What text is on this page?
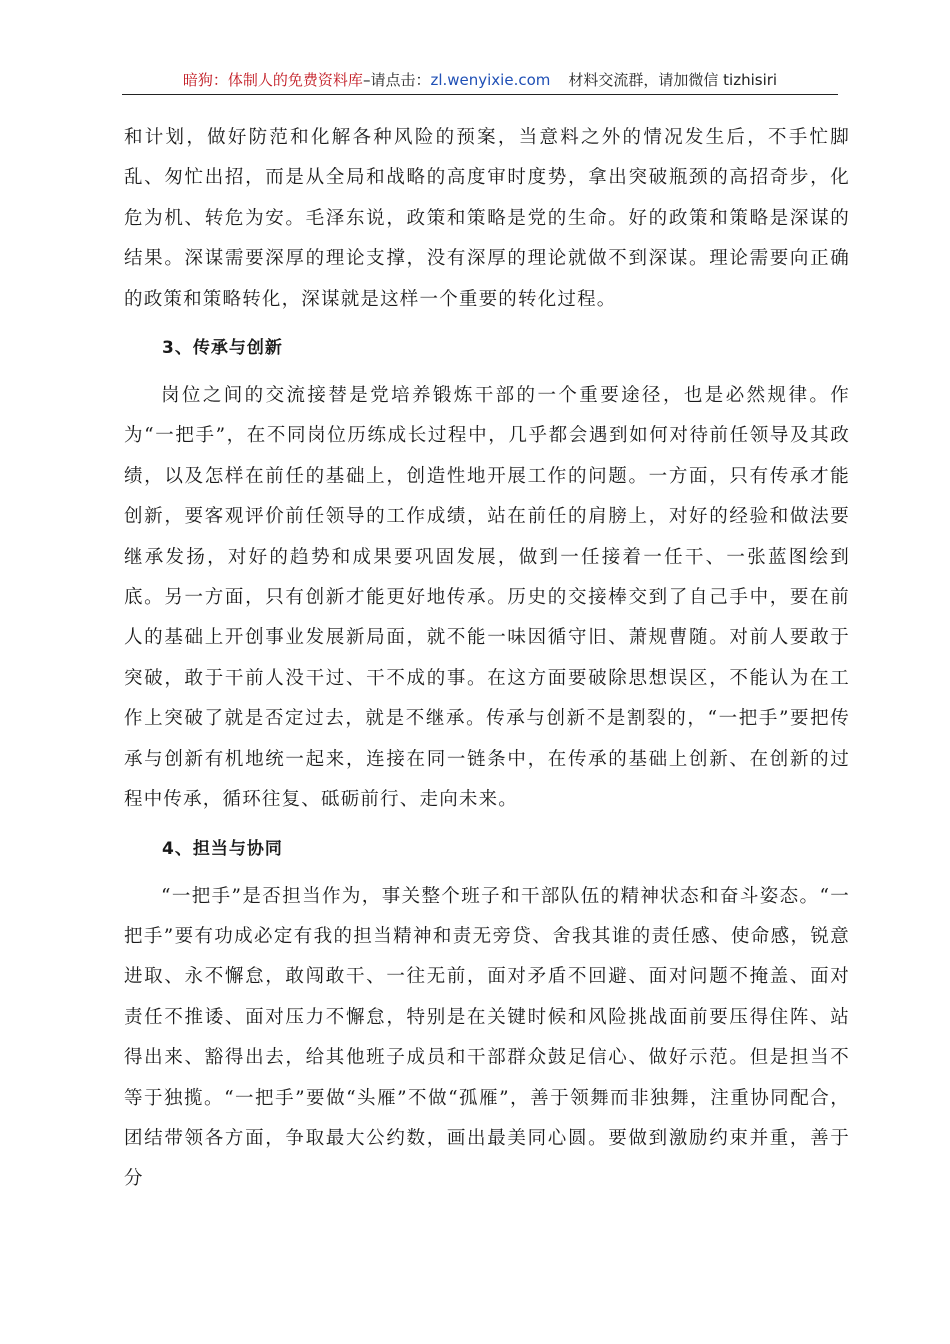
暗狗：体制人的免费资料库–请点击：zl.wenyixie.com 材料交流群，请加微信 tizhisiri

和计划，做好防范和化解各种风险的预案，当意料之外的情况发生后，不手忙脚乱、匆忙出招，而是从全局和战略的高度审时度势，拿出突破瓶颈的高招奇步，化危为机、转危为安。毛泽东说，政策和策略是党的生命。好的政策和策略是深谋的结果。深谋需要深厚的理论支撑，没有深厚的理论就做不到深谋。理论需要向正确的政策和策略转化，深谋就是这样一个重要的转化过程。

3、传承与创新

岗位之间的交流接替是党培养锻炼干部的一个重要途径，也是必然规律。作为“一把手”，在不同岗位历练成长过程中，几乎都会遇到如何对待前任领导及其政绩，以及怎样在前任的基础上，创造性地开展工作的问题。一方面，只有传承才能创新，要客观评价前任领导的工作成绩，站在前任的肩膀上，对好的经验和做法要继承发扬，对好的趋势和成果要巩固发展，做到一任接着一任干、一张蓝图绘到底。另一方面，只有创新才能更好地传承。历史的交接棒交到了自己手中，要在前人的基础上开创事业发展新局面，就不能一味因循守旧、萧规曹随。对前人要敢于突破，敢于干前人没干过、干不成的事。在这方面要破除思想误区，不能认为在工作上突破了就是否定过去，就是不继承。传承与创新不是割裂的，“一把手”要把传承与创新有机地统一起来，连接在同一链条中，在传承的基础上创新、在创新的过程中传承，循环往复、砥砺前行、走向未来。

4、担当与协同

“一把手”是否担当作为，事关整个班子和干部队伍的精神状态和奋斗姿态。“一把手”要有功成必定有我的担当精神和责无旁贷、舍我其谁的责任感、使命感，锐意进取、永不懈怠，敢闯敢干、一往无前，面对矛盾不回避、面对问题不掩盖、面对责任不推诿、面对压力不懈怠，特别是在关键时候和风险挑战面前要压得住阵、站得出来、豁得出去，给其他班子成员和干部群众鼓足信心、做好示范。但是担当不等于独揽。“一把手”要做“头雁”不做“孤雁”，善于领舞而非独舞，注重协同配合，团结带领各方面，争取最大公约数，画出最美同心圆。要做到激励约束并重，善于分
